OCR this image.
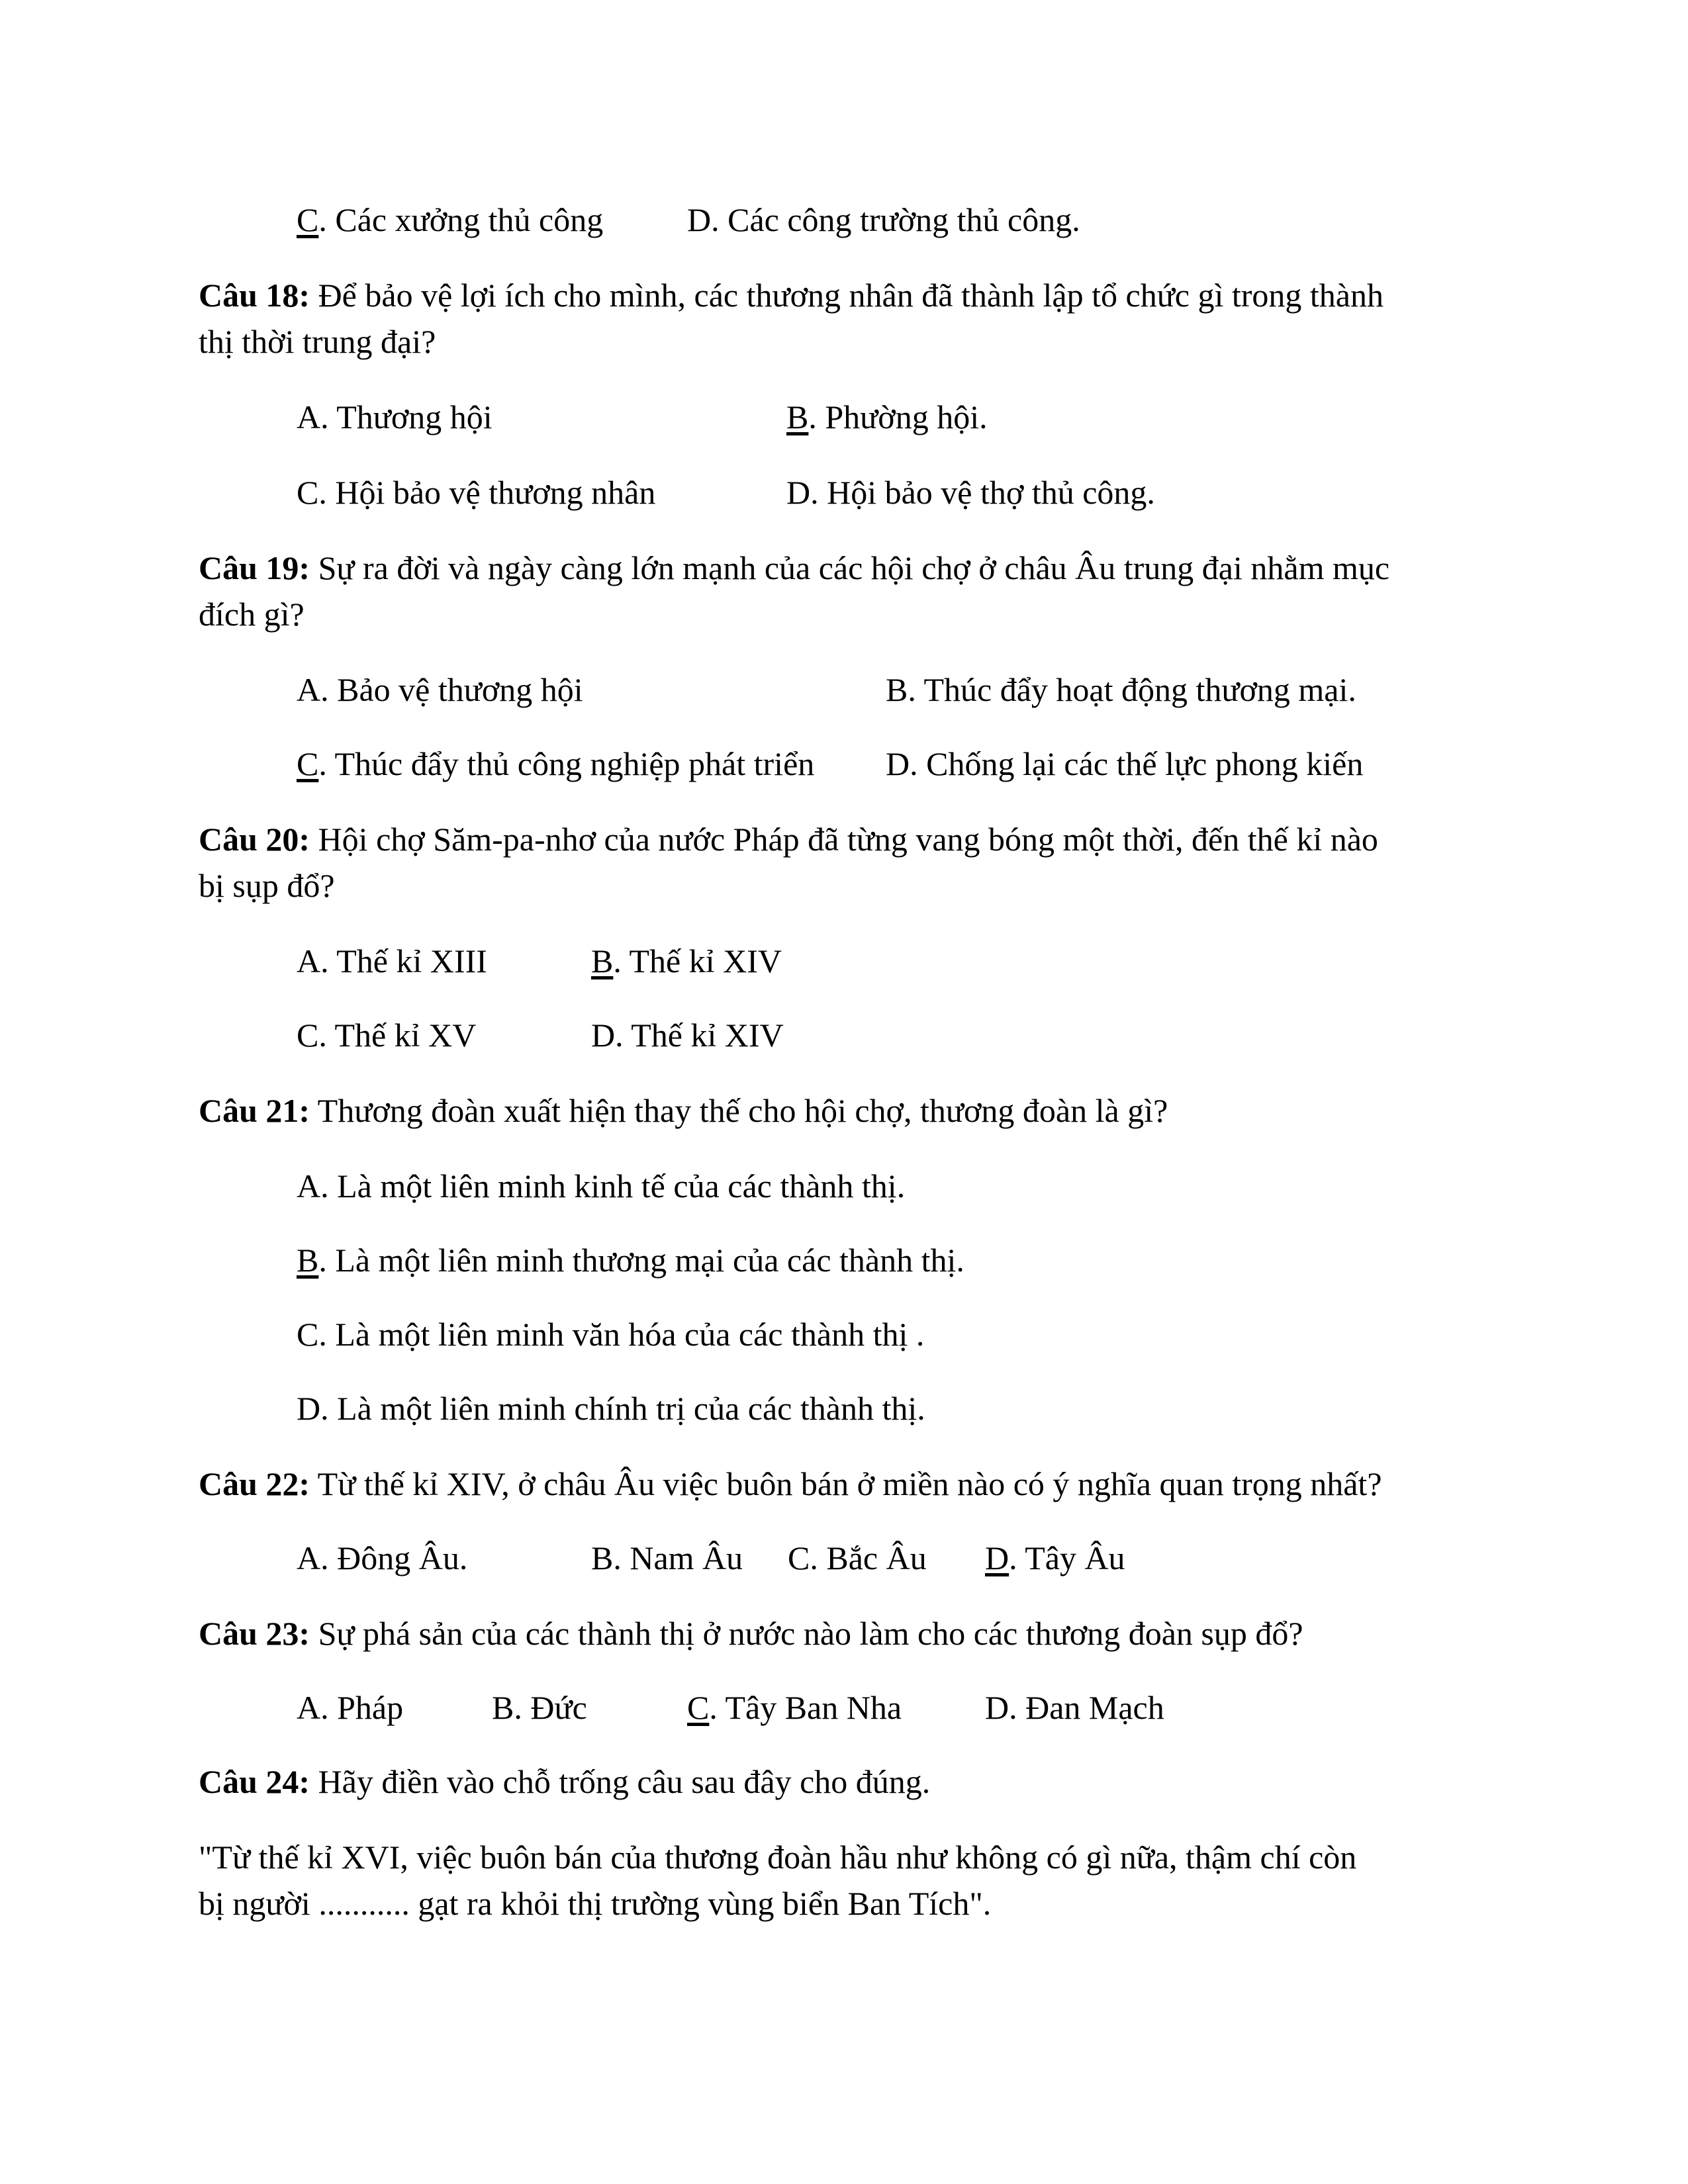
C. Các xưởng thủ công	D. Các công trường thủ công.
Câu 18: Để bảo vệ lợi ích cho mình, các thương nhân đã thành lập tổ chức gì trong thành
thị thời trung đại?
A. Thương hội	B. Phường hội.
C. Hội bảo vệ thương nhân	D. Hội bảo vệ thợ thủ công.
Câu 19: Sự ra đời và ngày càng lớn mạnh của các hội chợ ở châu Âu trung đại nhằm mục
đích gì?
A. Bảo vệ thương hội	B. Thúc đẩy hoạt động thương mại.
C. Thúc đẩy thủ công nghiệp phát triển D. Chống lại các thế lực phong kiến
Câu 20: Hội chợ Săm-pa-nhơ của nước Pháp đã từng vang bóng một thời, đến thế kỉ nào
bị sụp đổ?
A. Thế kỉ XIII	B. Thế kỉ XIV
C. Thế kỉ XV	D. Thế kỉ XIV
Câu 21: Thương đoàn xuất hiện thay thế cho hội chợ, thương đoàn là gì?
A. Là một liên minh kinh tế của các thành thị.
B. Là một liên minh thương mại của các thành thị.
C. Là một liên minh văn hóa của các thành thị .
D. Là một liên minh chính trị của các thành thị.
Câu 22: Từ thế kỉ XIV, ở châu Âu việc buôn bán ở miền nào có ý nghĩa quan trọng nhất?
A. Đông Âu.	B. Nam Âu C. Bắc Âu D. Tây Âu
Câu 23: Sự phá sản của các thành thị ở nước nào làm cho các thương đoàn sụp đổ?
A. Pháp	B. Đức	C. Tây Ban Nha	D. Đan Mạch
Câu 24: Hãy điền vào chỗ trống câu sau đây cho đúng.
"Từ thế kỉ XVI, việc buôn bán của thương đoàn hầu như không có gì nữa, thậm chí còn
bị người ........... gạt ra khỏi thị trường vùng biển Ban Tích".
